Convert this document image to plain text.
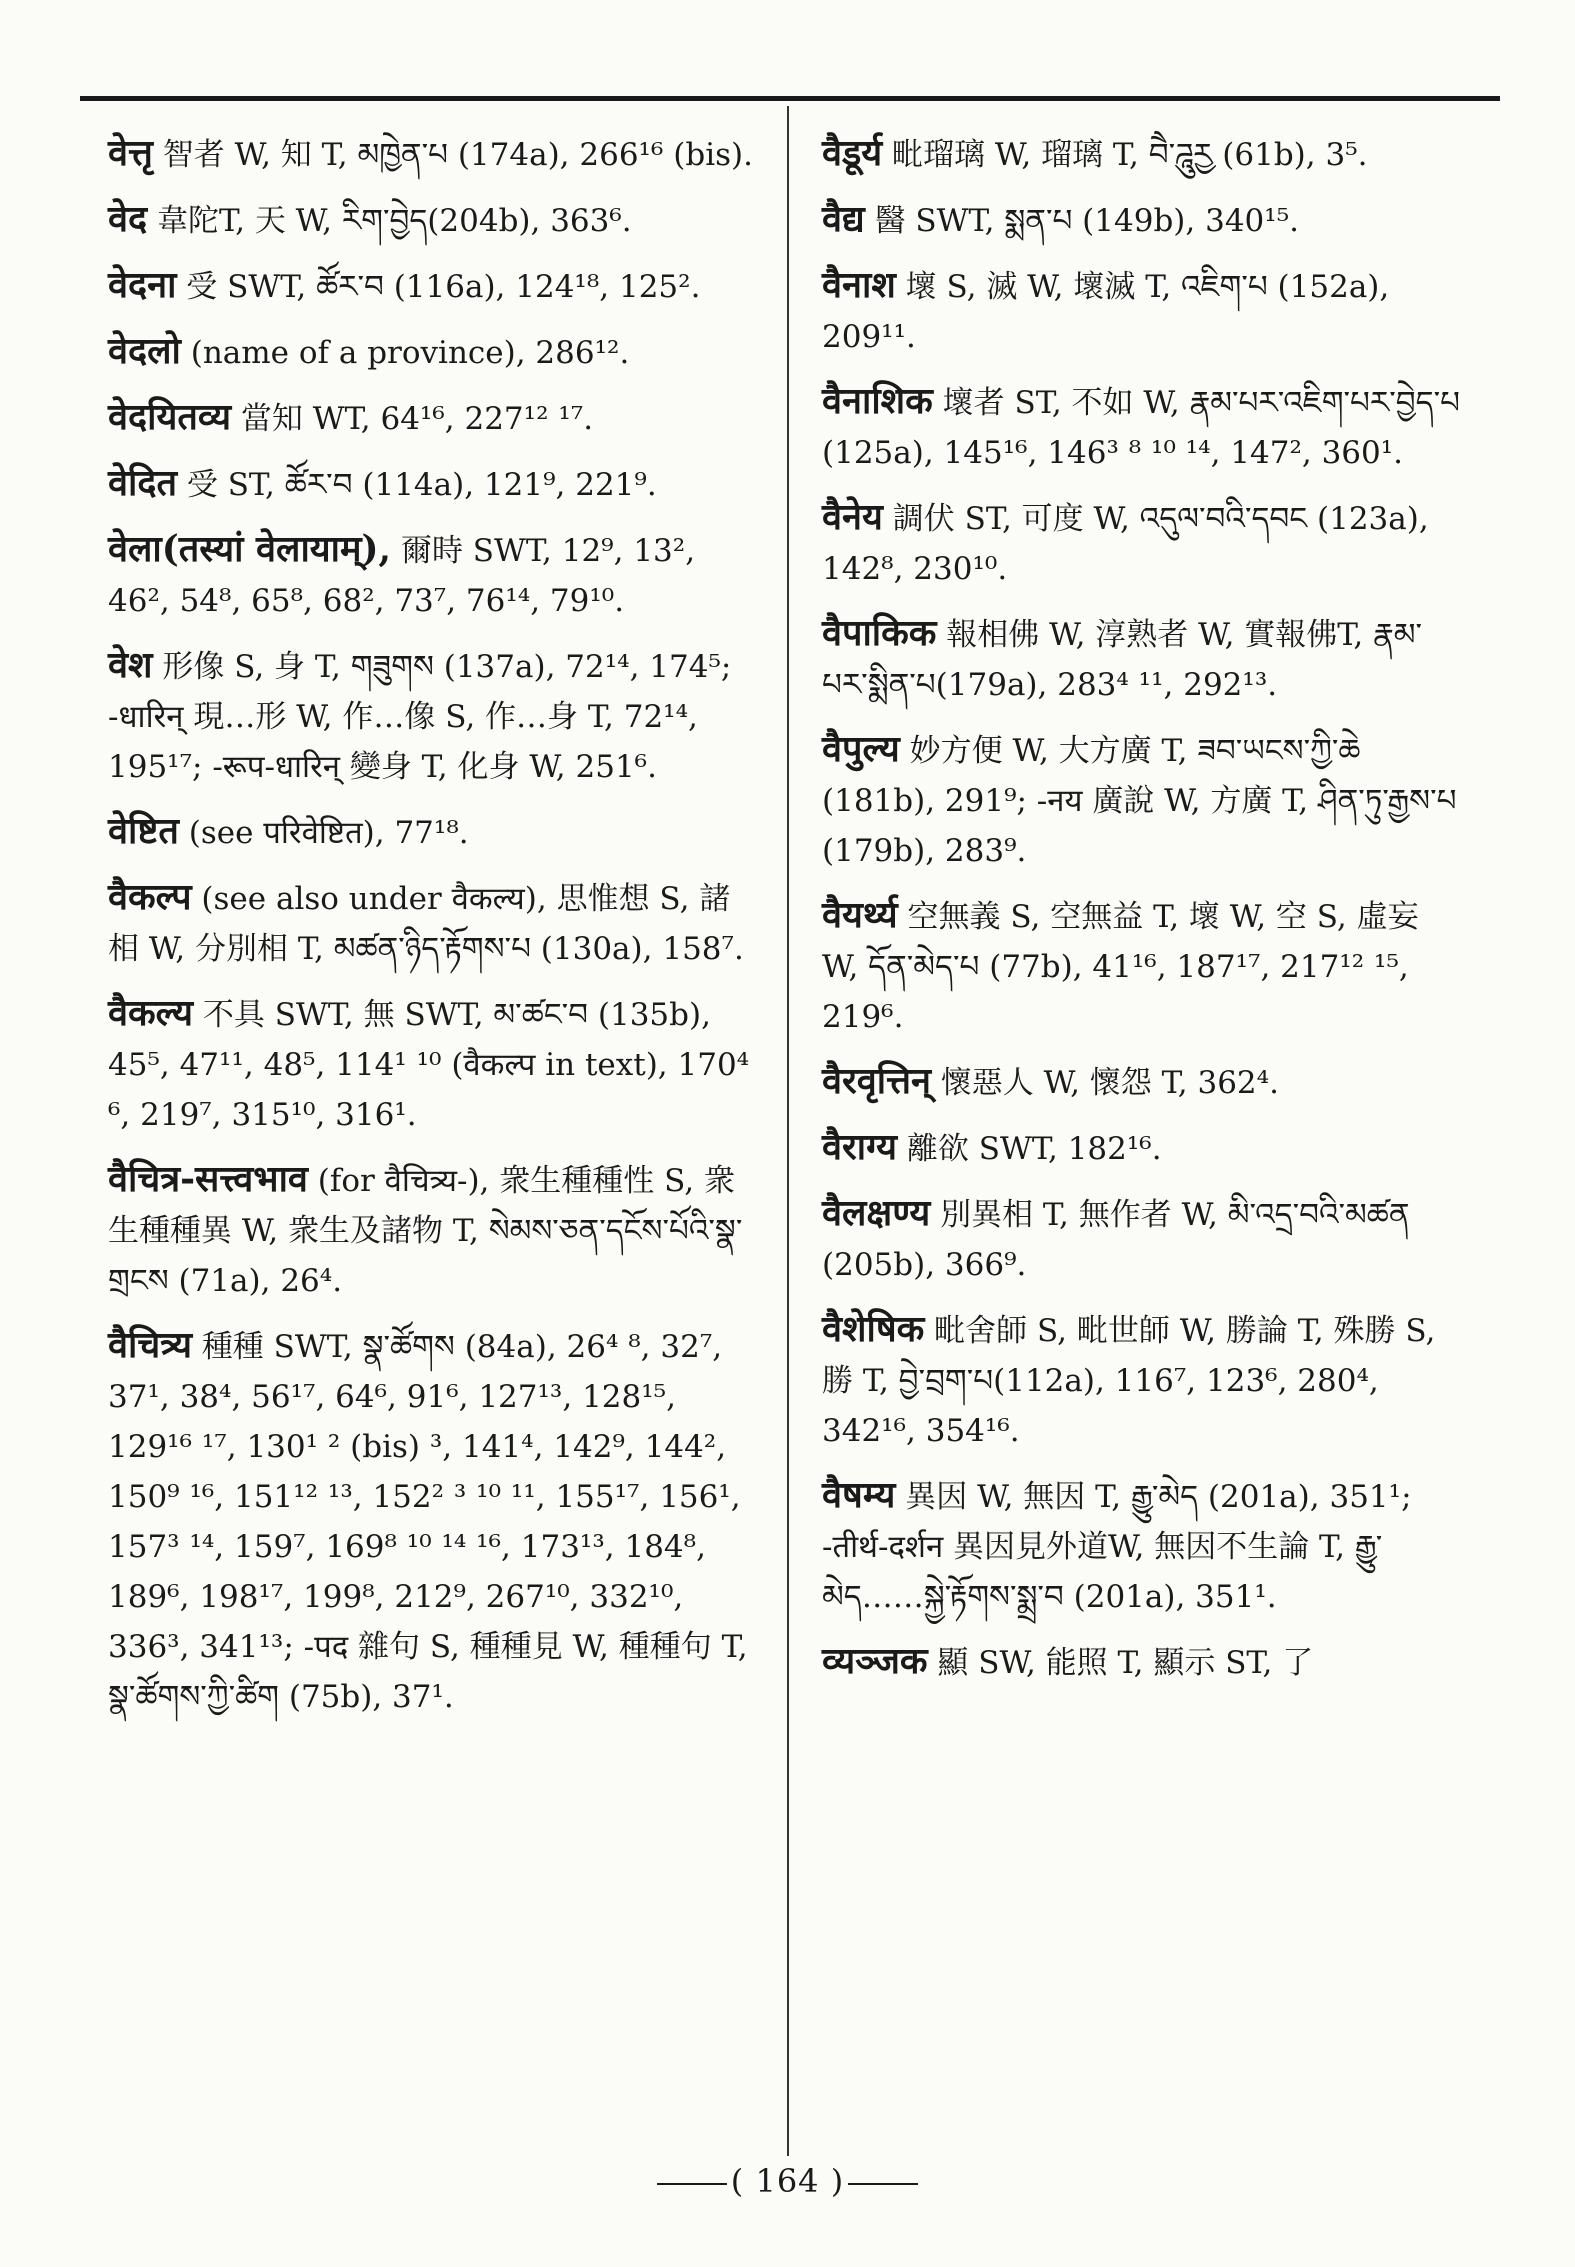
वेत्तृ 智者 W, 知 T, མཁྱེན་པ (174a), 266¹⁶ (bis).

वेद 韋陀T, 天 W, རིག་བྱེད(204b), 363⁶.

वेदना 受 SWT, ཚོར་བ (116a), 124¹⁸, 125².

वेदलो (name of a province), 286¹².

वेदयितव्य 當知 WT, 64¹⁶, 227¹² ¹⁷.

वेदित 受 ST, ཚོར་བ (114a), 121⁹, 221⁹.

वेला(तस्यां वेलायाम्), 爾時 SWT, 12⁹, 13², 46², 54⁸, 65⁸, 68², 73⁷, 76¹⁴, 79¹⁰.

वेश 形像 S, 身 T, གཟུགས (137a), 72¹⁴, 174⁵; -धारिन् 現…形 W, 作…像 S, 作…身 T, 72¹⁴, 195¹⁷; -रूप-धारिन् 變身 T, 化身 W, 251⁶.

वेष्टित (see परिवेष्टित), 77¹⁸.

वैकल्प (see also under वैकल्य), 思惟想 S, 諸相 W, 分別相 T, མཚན་ཉིད་རྟོགས་པ (130a), 158⁷.

वैकल्य 不具 SWT, 無 SWT, མ་ཚང་བ (135b), 45⁵, 47¹¹, 48⁵, 114¹ ¹⁰ (वैकल्प in text), 170⁴ ⁶, 219⁷, 315¹⁰, 316¹.

वैचित्र-सत्त्वभाव (for वैचित्र्य-), 衆生種種性 S, 衆生種種異 W, 衆生及諸物 T, སེམས་ཅན་དངོས་པོའི་སྣ་གྲངས (71a), 26⁴.

वैचित्र्य 種種 SWT, སྣ་ཚོགས (84a), 26⁴ ⁸, 32⁷, 37¹, 38⁴, 56¹⁷, 64⁶, 91⁶, 127¹³, 128¹⁵, 129¹⁶ ¹⁷, 130¹ ² (bis) ³, 141⁴, 142⁹, 144², 150⁹ ¹⁶, 151¹² ¹³, 152² ³ ¹⁰ ¹¹, 155¹⁷, 156¹, 157³ ¹⁴, 159⁷, 169⁸ ¹⁰ ¹⁴ ¹⁶, 173¹³, 184⁸, 189⁶, 198¹⁷, 199⁸, 212⁹, 267¹⁰, 332¹⁰, 336³, 341¹³; -पद 雜句 S, 種種見 W, 種種句 T, སྣ་ཚོགས་ཀྱི་ཚིག (75b), 37¹.

वैडूर्य 毗瑠璃 W, 瑠璃 T, བཻ་ཌཱུརྱ (61b), 3⁵.

वैद्य 醫 SWT, སྨན་པ (149b), 340¹⁵.

वैनाश 壞 S, 滅 W, 壞滅 T, འཇིག་པ (152a), 209¹¹.

वैनाशिक 壞者 ST, 不如 W, རྣམ་པར་འཇིག་པར་བྱེད་པ (125a), 145¹⁶, 146³ ⁸ ¹⁰ ¹⁴, 147², 360¹.

वैनेय 調伏 ST, 可度 W, འདུལ་བའི་དབང (123a), 142⁸, 230¹⁰.

वैपाकिक 報相佛 W, 淳熟者 W, 實報佛T, རྣམ་པར་སྨིན་པ(179a), 283⁴ ¹¹, 292¹³.

वैपुल्य 妙方便 W, 大方廣 T, ཟབ་ཡངས་ཀྱི་ཆེ (181b), 291⁹; -नय 廣說 W, 方廣 T, ཤིན་ཏུ་རྒྱས་པ (179b), 283⁹.

वैयर्थ्य 空無義 S, 空無益 T, 壞 W, 空 S, 虛妄 W, དོན་མེད་པ (77b), 41¹⁶, 187¹⁷, 217¹² ¹⁵, 219⁶.

वैरवृत्तिन् 懷惡人 W, 懷怨 T, 362⁴.

वैराग्य 離欲 SWT, 182¹⁶.

वैलक्षण्य 別異相 T, 無作者 W, མི་འདྲ་བའི་མཚན (205b), 366⁹.

वैशेषिक 毗舍師 S, 毗世師 W, 勝論 T, 殊勝 S, 勝 T, བྱེ་བྲག་པ(112a), 116⁷, 123⁶, 280⁴, 342¹⁶, 354¹⁶.

वैषम्य 異因 W, 無因 T, རྒྱུ་མེད (201a), 351¹; -तीर्थ-दर्शन 異因見外道W, 無因不生論 T, རྒྱུ་མེད……སྐྱེ་རྟོགས་སྨྲ་བ (201a), 351¹.

व्यञ्जक 顯 SW, 能照 T, 顯示 ST, 了

( 164 )
